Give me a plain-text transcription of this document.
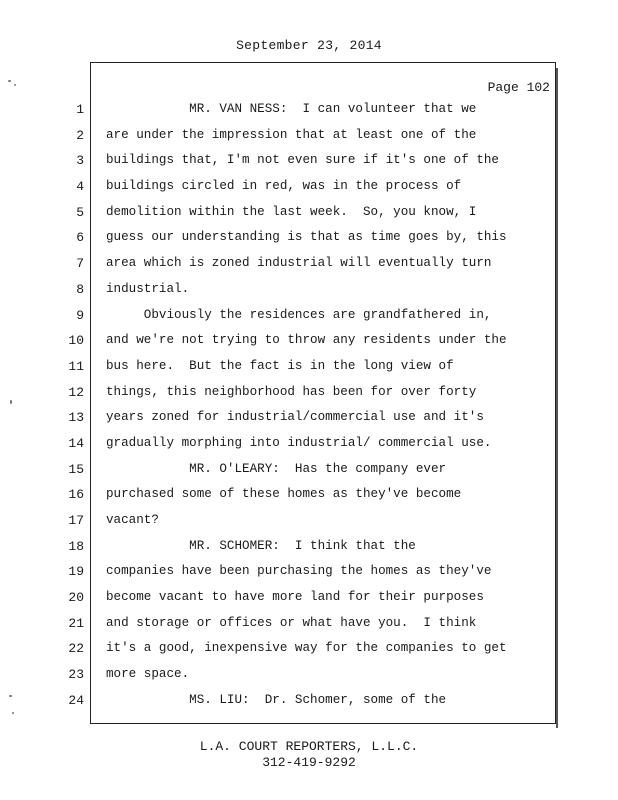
September 23, 2014
Page 102
1
2
3
4
5
6
7
8
9
10
11
12
13
14
15
16
17
18
19
20
21
22
23
24
MR. VAN NESS:  I can volunteer that we
are under the impression that at least one of the
buildings that, I'm not even sure if it's one of the
buildings circled in red, was in the process of
demolition within the last week.  So, you know, I
guess our understanding is that as time goes by, this
area which is zoned industrial will eventually turn
industrial.
Obviously the residences are grandfathered in,
and we're not trying to throw any residents under the
bus here.  But the fact is in the long view of
things, this neighborhood has been for over forty
years zoned for industrial/commercial use and it's
gradually morphing into industrial/ commercial use.
MR. O'LEARY:  Has the company ever
purchased some of these homes as they've become
vacant?
MR. SCHOMER:  I think that the
companies have been purchasing the homes as they've
become vacant to have more land for their purposes
and storage or offices or what have you.  I think
it's a good, inexpensive way for the companies to get
more space.
MS. LIU:  Dr. Schomer, some of the
L.A. COURT REPORTERS, L.L.C.
312-419-9292
